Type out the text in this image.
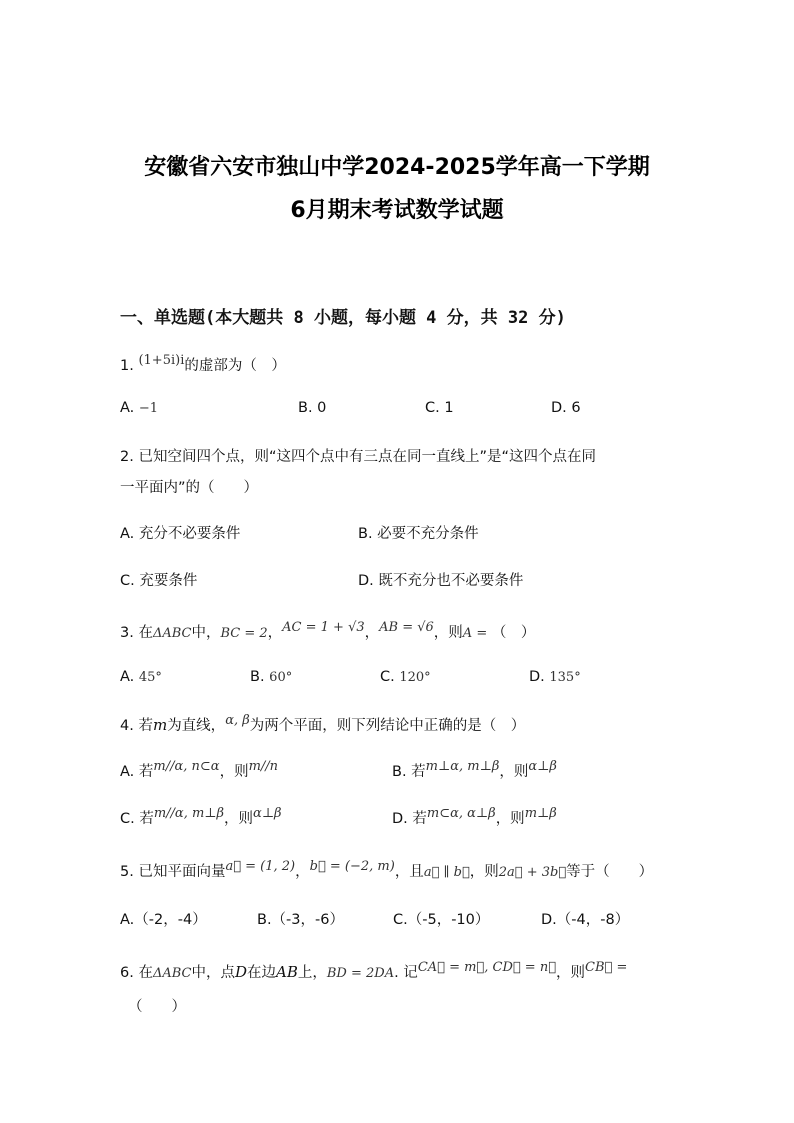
安徽省六安市独山中学2024-2025学年高一下学期
6月期末考试数学试题
一、单选题(本大题共 8 小题，每小题 4 分，共 32 分)
1. (1+5i)i的虚部为（　）
A. −1	B. 0	C. 1	D. 6
2. 已知空间四个点，则“这四个点中有三点在同一直线上”是“这四个点在同
一平面内”的（　　）
A. 充分不必要条件	B. 必要不充分条件
C. 充要条件	D. 既不充分也不必要条件
3. 在ΔABC中，BC = 2，AC = 1 + √3，AB = √6，则A = （　）
A. 45°	B. 60°	C. 120°	D. 135°
4. 若m为直线，α, β为两个平面，则下列结论中正确的是（　）
A. 若m//α, n⊂α，则m//n	B. 若m⊥α, m⊥β，则α⊥β
C. 若m//α, m⊥β，则α⊥β	D. 若m⊂α, α⊥β，则m⊥β
5. 已知平面向量a⃗ = (1, 2)，b⃗ = (−2, m)，且a⃗ ∥ b⃗，则2a⃗ + 3b⃗等于（　　）
A.（-2，-4）	B.（-3，-6）	C.（-5，-10）	D.（-4，-8）
6. 在ΔABC中，点D在边AB上，BD = 2DA. 记CA⃗ = m⃗, CD⃗ = n⃗，则CB⃗ =
（　　）
